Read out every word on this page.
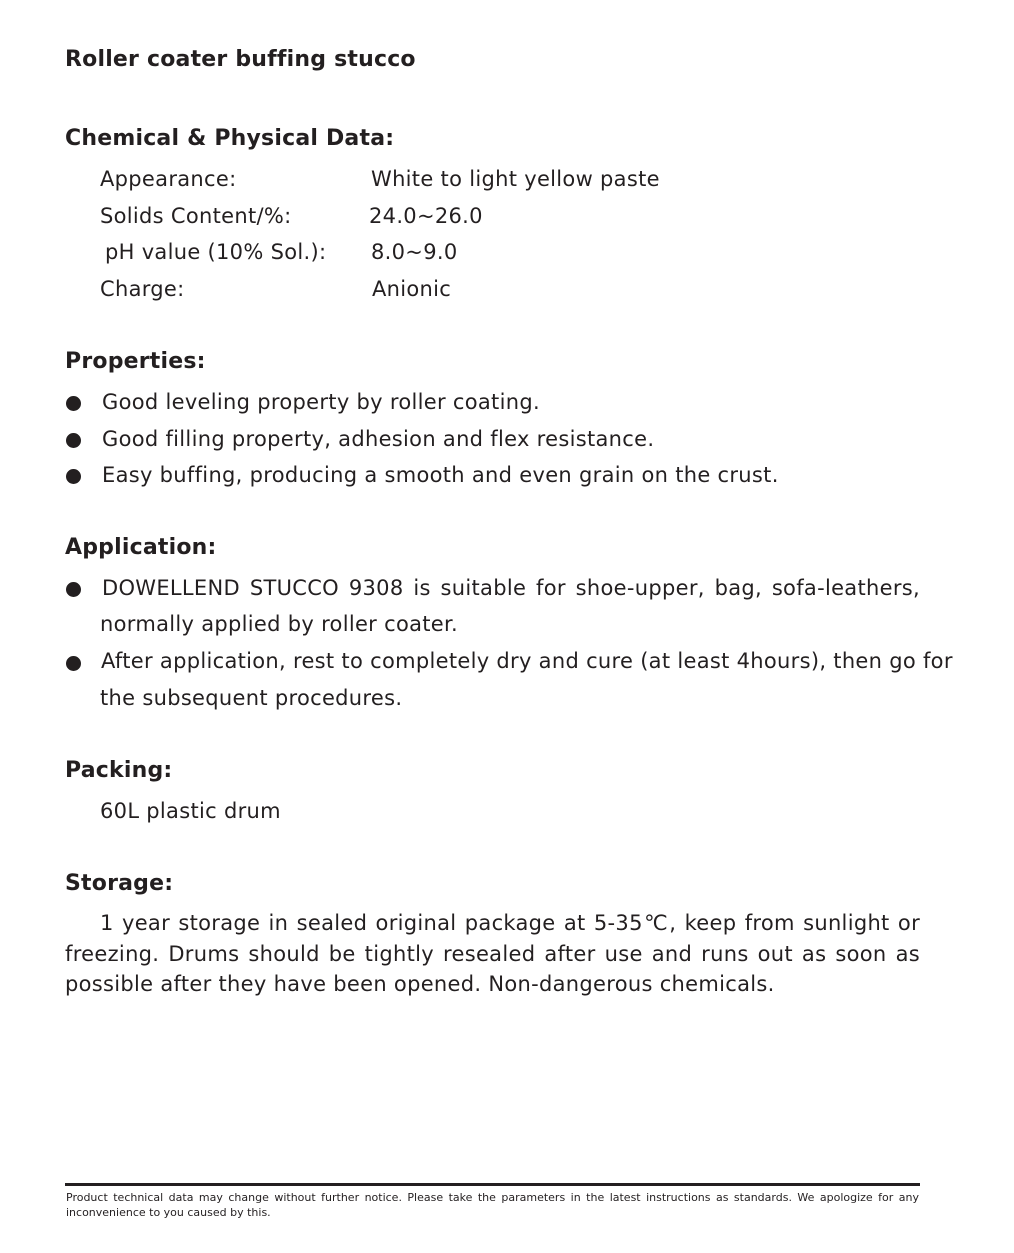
Roller coater buffing stucco
Chemical & Physical Data:
Appearance:	White to light yellow paste
Solids Content/%:	24.0~26.0
pH value (10% Sol.): 8.0~9.0
Charge:	Anionic
Properties:
Good leveling property by roller coating.
Good filling property, adhesion and flex resistance.
Easy buffing, producing a smooth and even grain on the crust.
Application:
DOWELLEND STUCCO 9308 is suitable for shoe-upper, bag, sofa-leathers,
normally applied by roller coater.
After application, rest to completely dry and cure (at least 4hours), then go for
the subsequent procedures.
Packing:
60L plastic drum
Storage:
1 year storage in sealed original package at 5-35℃, keep from sunlight or freezing. Drums should be tightly resealed after use and runs out as soon as possible after they have been opened. Non-dangerous chemicals.
Product technical data may change without further notice. Please take the parameters in the latest instructions as standards. We apologize for any inconvenience to you caused by this.
